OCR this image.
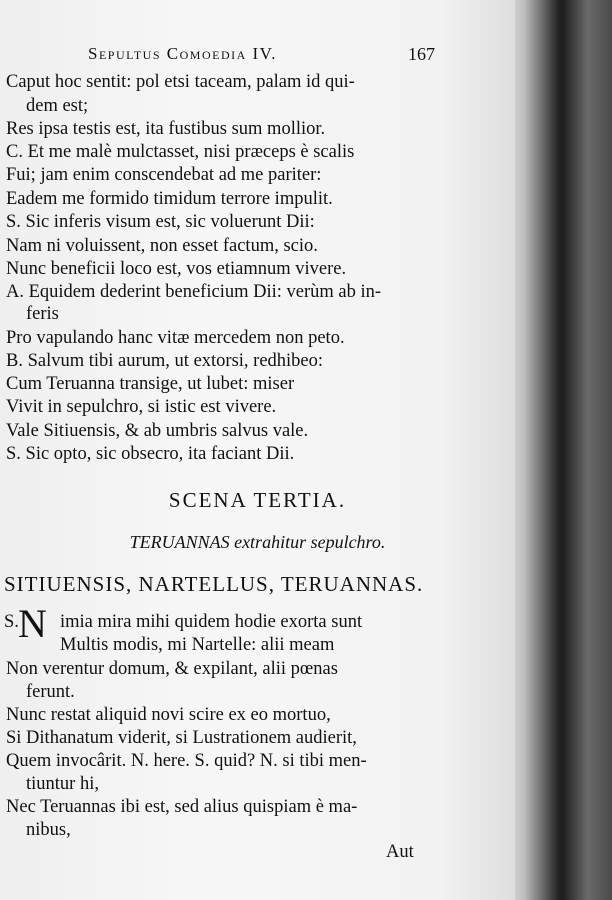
Sepultus Comoedia IV.	167
Caput hoc sentit: pol etsi taceam, palam id qui-
dem est;
Res ipsa testis est, ita fustibus sum mollior.
C. Et me malè mulctasset, nisi præceps è scalis
Fui; jam enim conscendebat ad me pariter:
Eadem me formido timidum terrore impulit.
S. Sic inferis visum est, sic voluerunt Dii:
Nam ni voluissent, non esset factum, scio.
Nunc beneficii loco est, vos etiamnum vivere.
A. Equidem dederint beneficium Dii: verùm ab in-
feris
Pro vapulando hanc vitæ mercedem non peto.
B. Salvum tibi aurum, ut extorsi, redhibeo:
Cum Teruanna transige, ut lubet: miser
Vivit in sepulchro, si istic est vivere.
Vale Sitiuensis, & ab umbris salvus vale.
S. Sic opto, sic obsecro, ita faciant Dii.
SCENA TERTIA.
TERUANNAS extrahitur sepulchro.
SITIUENSIS, NARTELLUS, TERUANNAS.
S. N imia mira mihi quidem hodie exorta sunt
Multis modis, mi Nartelle: alii meam
Non verentur domum, & expilant, alii pœnas
ferunt.
Nunc restat aliquid novi scire ex eo mortuo,
Si Dithanatum viderit, si Lustrationem audierit,
Quem invocârit. N. here. S. quid? N. si tibi men-
tiuntur hi,
Nec Teruannas ibi est, sed alius quispiam è ma-
nibus,
Aut
